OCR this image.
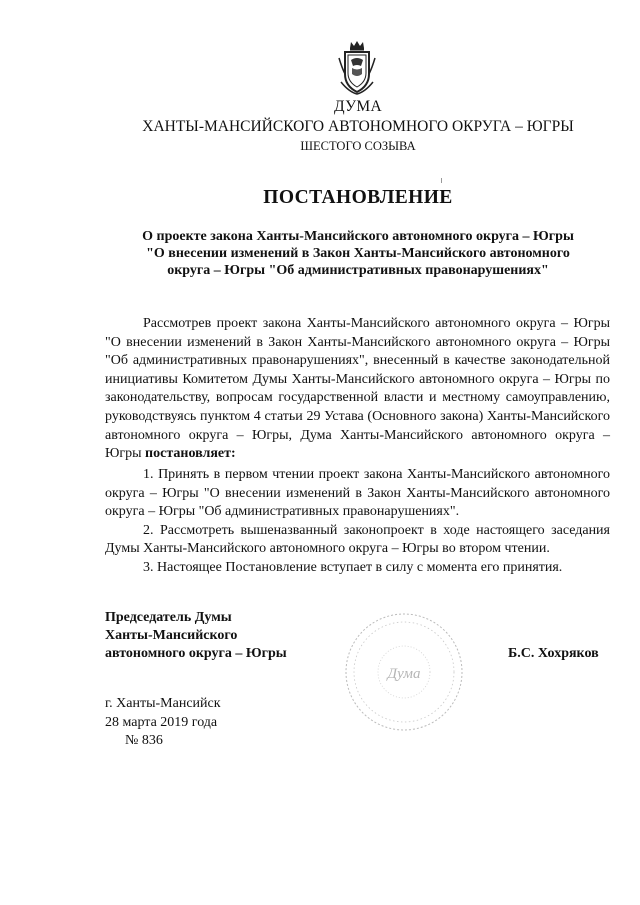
ДУМА
ХАНТЫ-МАНСИЙСКОГО АВТОНОМНОГО ОКРУГА – ЮГРЫ
ШЕСТОГО СОЗЫВА
ПОСТАНОВЛЕНИЕ
О проекте закона Ханты-Мансийского автономного округа – Югры
"О внесении изменений в Закон Ханты-Мансийского автономного
округа – Югры "Об административных правонарушениях"
Рассмотрев проект закона Ханты-Мансийского автономного округа – Югры "О внесении изменений в Закон Ханты-Мансийского автономного округа – Югры "Об административных правонарушениях", внесенный в качестве законодательной инициативы Комитетом Думы Ханты-Мансийского автономного округа – Югры по законодательству, вопросам государственной власти и местному самоуправлению, руководствуясь пунктом 4 статьи 29 Устава (Основного закона) Ханты-Мансийского автономного округа – Югры, Дума Ханты-Мансийского автономного округа – Югры постановляет:

1. Принять в первом чтении проект закона Ханты-Мансийского автономного округа – Югры "О внесении изменений в Закон Ханты-Мансийского автономного округа – Югры "Об административных правонарушениях".

2. Рассмотреть вышеназванный законопроект в ходе настоящего заседания Думы Ханты-Мансийского автономного округа – Югры во втором чтении.

3. Настоящее Постановление вступает в силу с момента его принятия.

Председатель Думы
Ханты-Мансийского
автономного округа – Югры
Дума
Б.С. Хохряков
г. Ханты-Мансийск
28 марта 2019 года
№ 836
